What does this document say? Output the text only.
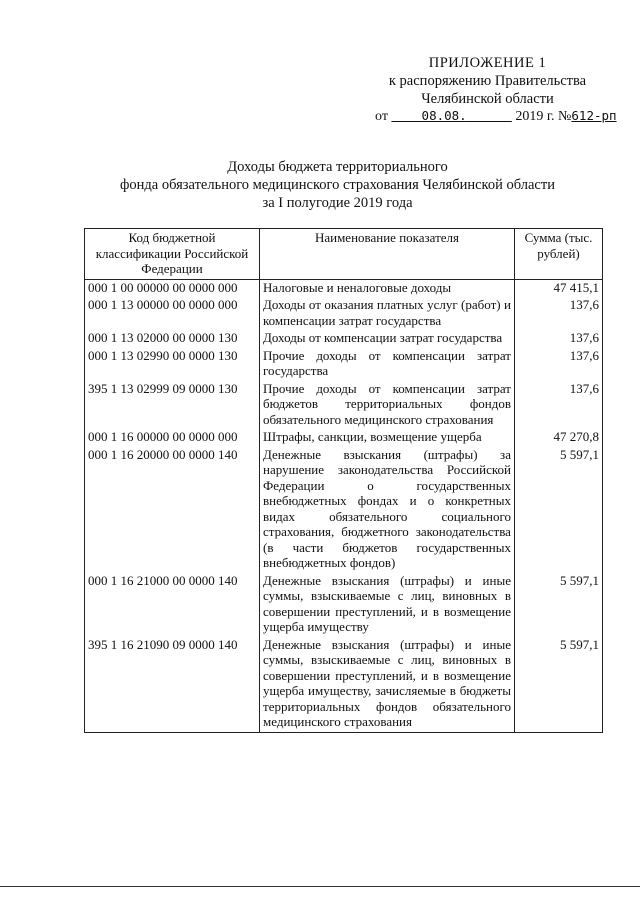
ПРИЛОЖЕНИЕ 1
к распоряжению Правительства
Челябинской области
от	08.08.	2019 г. №612-рп
Доходы бюджета территориального
фонда обязательного медицинского страхования Челябинской области
за I полугодие 2019 года
Код бюджетной классификации Российской Федерации	Наименование показателя	Сумма (тыс. рублей)
000 1 00 00000 00 0000 000	Налоговые и неналоговые доходы	47 415,1
000 1 13 00000 00 0000 000	Доходы от оказания платных услуг (работ) и компенсации затрат государства	137,6
000 1 13 02000 00 0000 130	Доходы от компенсации затрат государства	137,6
000 1 13 02990 00 0000 130	Прочие доходы от компенсации затрат государства	137,6
395 1 13 02999 09 0000 130	Прочие доходы от компенсации затрат бюджетов территориальных фондов обязательного медицинского страхования	137,6
000 1 16 00000 00 0000 000	Штрафы, санкции, возмещение ущерба	47 270,8
000 1 16 20000 00 0000 140	Денежные взыскания (штрафы) за нарушение законодательства Российской Федерации о государственных внебюджетных фондах и о конкретных видах обязательного социального страхования, бюджетного законодательства (в части бюджетов государственных внебюджетных фондов)	5 597,1
000 1 16 21000 00 0000 140	Денежные взыскания (штрафы) и иные суммы, взыскиваемые с лиц, виновных в совершении преступлений, и в возмещение ущерба имуществу	5 597,1
395 1 16 21090 09 0000 140	Денежные взыскания (штрафы) и иные суммы, взыскиваемые с лиц, виновных в совершении преступлений, и в возмещение ущерба имуществу, зачисляемые в бюджеты территориальных фондов обязательного медицинского страхования	5 597,1
